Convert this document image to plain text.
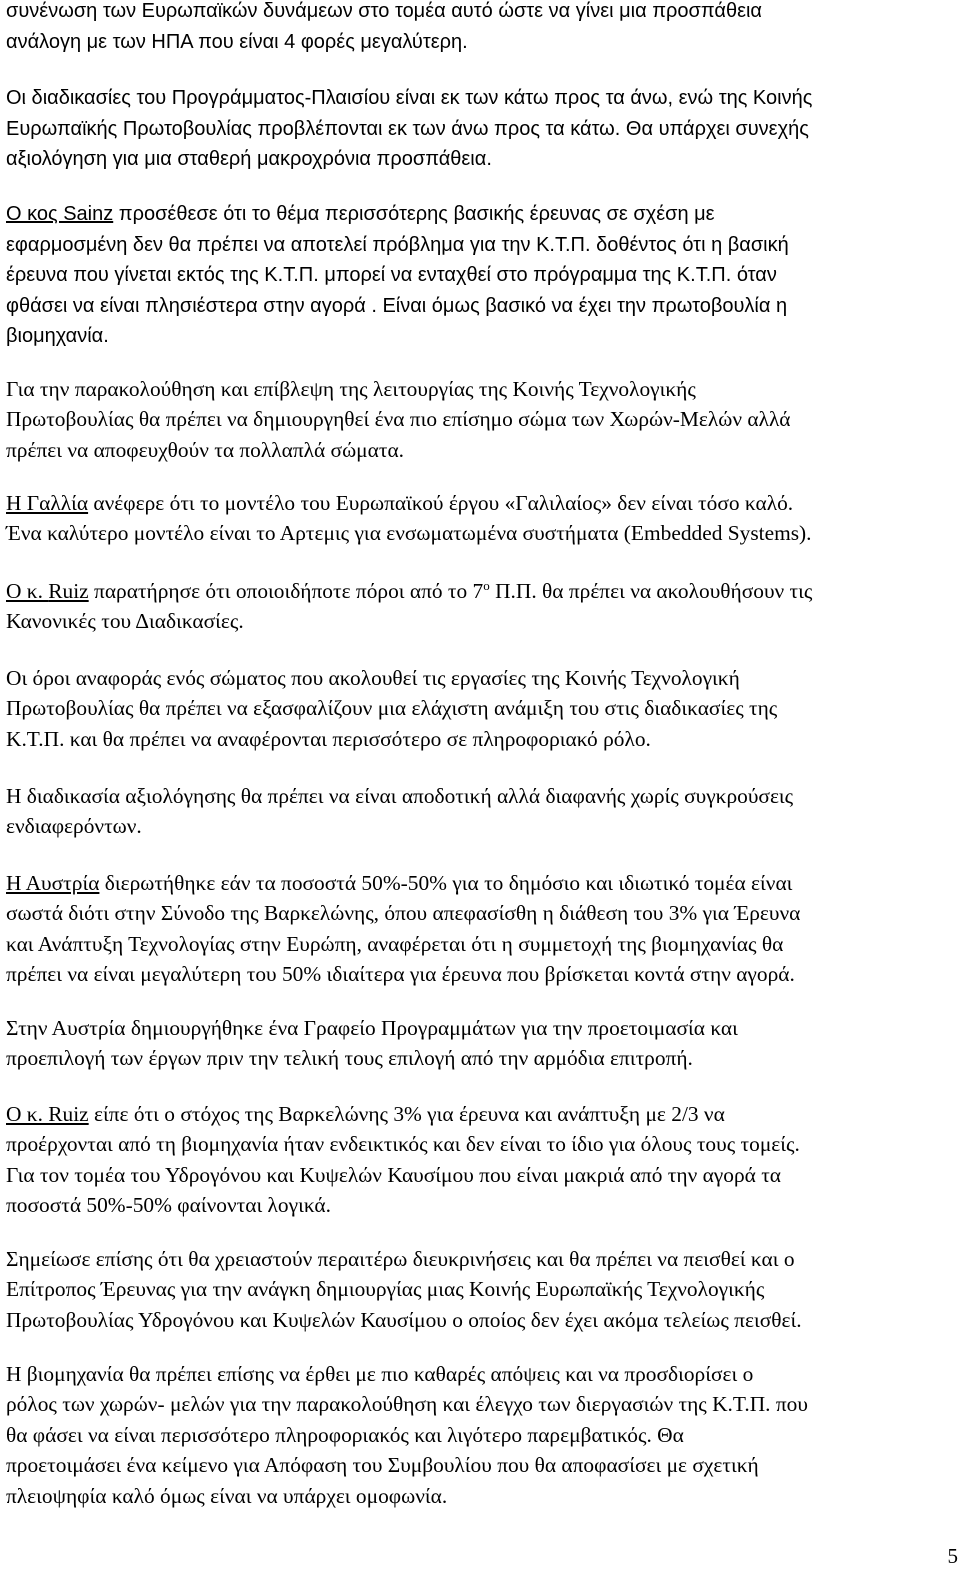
συνένωση των Ευρωπαϊκών δυνάμεων στο τομέα αυτό ώστε να γίνει μια προσπάθεια
ανάλογη με των ΗΠΑ που είναι 4 φορές μεγαλύτερη.

Οι διαδικασίες του Προγράμματος-Πλαισίου είναι εκ των κάτω προς τα άνω, ενώ της Κοινής
Ευρωπαϊκής Πρωτοβουλίας προβλέπονται εκ των άνω προς τα κάτω. Θα υπάρχει συνεχής
αξιολόγηση για μια σταθερή μακροχρόνια προσπάθεια.

Ο κος Sainz προσέθεσε ότι το θέμα περισσότερης βασικής έρευνας σε σχέση με
εφαρμοσμένη δεν θα πρέπει να αποτελεί πρόβλημα για την Κ.Τ.Π. δοθέντος ότι η βασική
έρευνα που γίνεται εκτός της Κ.Τ.Π. μπορεί να ενταχθεί στο πρόγραμμα της Κ.Τ.Π. όταν
φθάσει να είναι πλησιέστερα στην αγορά . Είναι όμως βασικό να έχει την πρωτοβουλία η
βιομηχανία.

Για την παρακολούθηση και επίβλεψη της λειτουργίας της Κοινής Τεχνολογικής
Πρωτοβουλίας θα πρέπει να δημιουργηθεί ένα πιο επίσημο σώμα των Χωρών-Μελών αλλά
πρέπει να αποφευχθούν τα πολλαπλά σώματα.

Η Γαλλία ανέφερε ότι το μοντέλο του Ευρωπαϊκού έργου «Γαλιλαίος» δεν είναι τόσο καλό.
Ένα καλύτερο μοντέλο είναι το Αρτεμις για ενσωματωμένα συστήματα (Embedded Systems).

Ο κ. Ruiz παρατήρησε ότι οποιοιδήποτε πόροι από το $7^o$ Π.Π. θα πρέπει να ακολουθήσουν τις
Κανονικές του Διαδικασίες.

Οι όροι αναφοράς ενός σώματος που ακολουθεί τις εργασίες της Κοινής Τεχνολογική
Πρωτοβουλίας θα πρέπει να εξασφαλίζουν μια ελάχιστη ανάμιξη του στις διαδικασίες της
Κ.Τ.Π. και θα πρέπει να αναφέρονται περισσότερο σε πληροφοριακό ρόλο.

Η διαδικασία αξιολόγησης θα πρέπει να είναι αποδοτική αλλά διαφανής χωρίς συγκρούσεις
ενδιαφερόντων.

Η Αυστρία διερωτήθηκε εάν τα ποσοστά 50%-50% για το δημόσιο και ιδιωτικό τομέα είναι
σωστά διότι στην Σύνοδο της Βαρκελώνης, όπου απεφασίσθη η διάθεση του 3% για Έρευνα
και Ανάπτυξη Τεχνολογίας στην Ευρώπη, αναφέρεται ότι η συμμετοχή της βιομηχανίας θα
πρέπει να είναι μεγαλύτερη του 50% ιδιαίτερα για έρευνα που βρίσκεται κοντά στην αγορά.

Στην Αυστρία δημιουργήθηκε ένα Γραφείο Προγραμμάτων για την προετοιμασία και
προεπιλογή των έργων πριν την τελική τους επιλογή από την αρμόδια επιτροπή.

Ο κ. Ruiz είπε ότι ο στόχος της Βαρκελώνης 3% για έρευνα και ανάπτυξη με 2/3 να
προέρχονται από τη βιομηχανία ήταν ενδεικτικός και δεν είναι το ίδιο για όλους τους τομείς.
Για τον τομέα του Υδρογόνου και Κυψελών Καυσίμου που είναι μακριά από την αγορά τα
ποσοστά 50%-50% φαίνονται λογικά.

Σημείωσε επίσης ότι θα χρειαστούν περαιτέρω διευκρινήσεις και θα πρέπει να πεισθεί και ο
Επίτροπος Έρευνας για την ανάγκη δημιουργίας μιας Κοινής Ευρωπαϊκής Τεχνολογικής
Πρωτοβουλίας Υδρογόνου και Κυψελών Καυσίμου ο οποίος δεν έχει ακόμα τελείως πεισθεί.

Η βιομηχανία θα πρέπει επίσης να έρθει με πιο καθαρές απόψεις και να προσδιορίσει ο
ρόλος των χωρών- μελών για την παρακολούθηση και έλεγχο των διεργασιών της Κ.Τ.Π. που
θα φάσει να είναι περισσότερο πληροφοριακός και λιγότερο παρεμβατικός. Θα
προετοιμάσει ένα κείμενο για Απόφαση του Συμβουλίου που θα αποφασίσει με σχετική
πλειοψηφία καλό όμως είναι να υπάρχει ομοφωνία.

5
